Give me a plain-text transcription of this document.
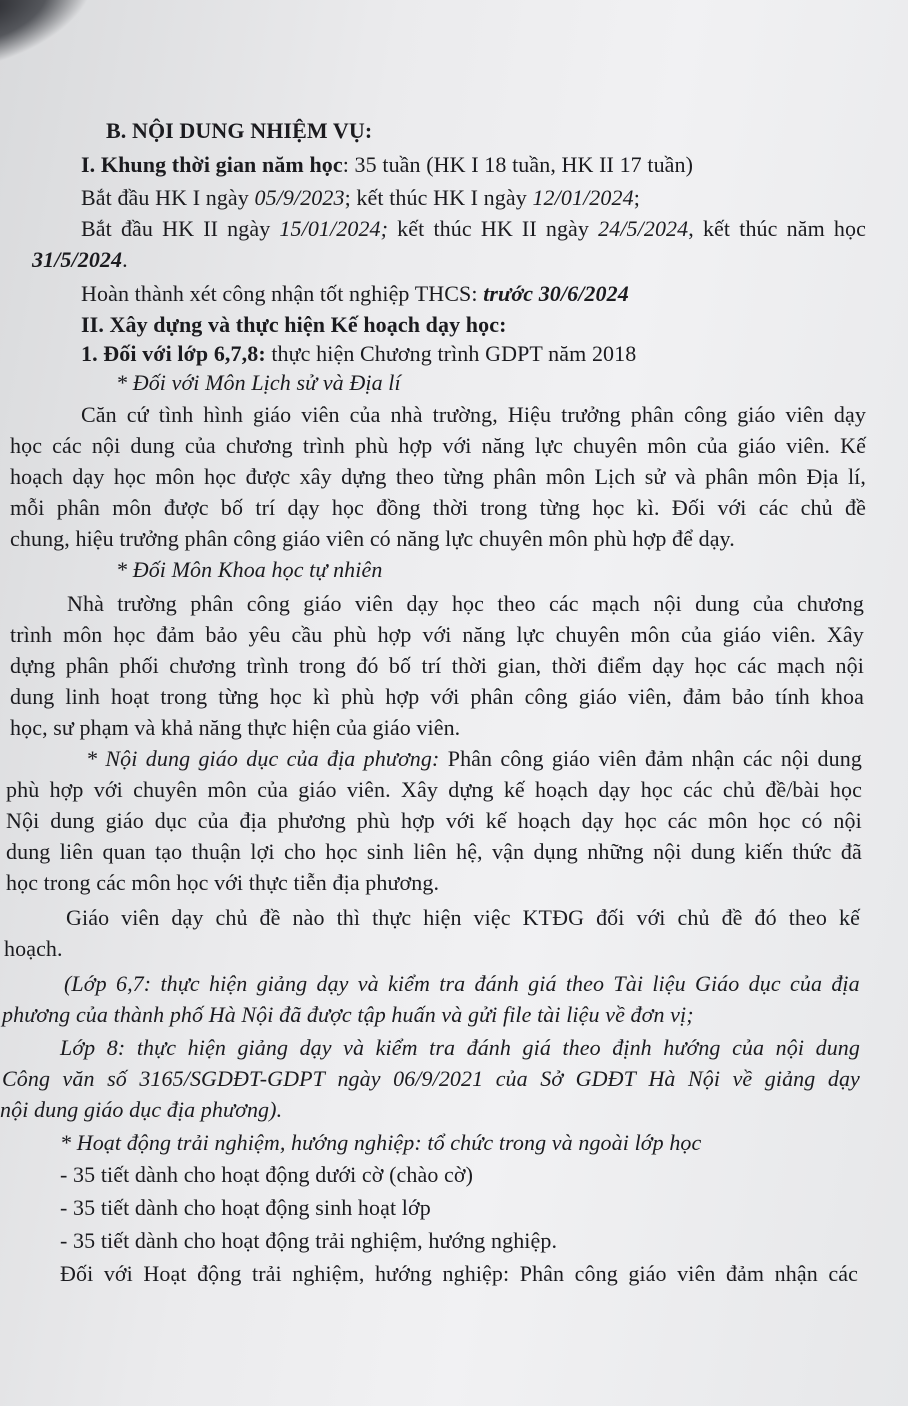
B. NỘI DUNG NHIỆM VỤ:
I. Khung thời gian năm học: 35 tuần (HK I 18 tuần, HK II 17 tuần)
Bắt đầu HK I ngày 05/9/2023; kết thúc HK I ngày 12/01/2024;
Bắt đầu HK II ngày 15/01/2024; kết thúc HK II ngày 24/5/2024, kết thúc năm học
31/5/2024.
Hoàn thành xét công nhận tốt nghiệp THCS: trước 30/6/2024
II. Xây dựng và thực hiện Kế hoạch dạy học:
1. Đối với lớp 6,7,8: thực hiện Chương trình GDPT năm 2018
* Đối với Môn Lịch sử và Địa lí
Căn cứ tình hình giáo viên của nhà trường, Hiệu trưởng phân công giáo viên dạy
học các nội dung của chương trình phù hợp với năng lực chuyên môn của giáo viên. Kế
hoạch dạy học môn học được xây dựng theo từng phân môn Lịch sử và phân môn Địa lí,
mỗi phân môn được bố trí dạy học đồng thời trong từng học kì. Đối với các chủ đề
chung, hiệu trưởng phân công giáo viên có năng lực chuyên môn phù hợp để dạy.
* Đối Môn Khoa học tự nhiên
Nhà trường phân công giáo viên dạy học theo các mạch nội dung của chương
trình môn học đảm bảo yêu cầu phù hợp với năng lực chuyên môn của giáo viên. Xây
dựng phân phối chương trình trong đó bố trí thời gian, thời điểm dạy học các mạch nội
dung linh hoạt trong từng học kì phù hợp với phân công giáo viên, đảm bảo tính khoa
học, sư phạm và khả năng thực hiện của giáo viên.
* Nội dung giáo dục của địa phương: Phân công giáo viên đảm nhận các nội dung
phù hợp với chuyên môn của giáo viên. Xây dựng kế hoạch dạy học các chủ đề/bài học
Nội dung giáo dục của địa phương phù hợp với kế hoạch dạy học các môn học có nội
dung liên quan tạo thuận lợi cho học sinh liên hệ, vận dụng những nội dung kiến thức đã
học trong các môn học với thực tiễn địa phương.
Giáo viên dạy chủ đề nào thì thực hiện việc KTĐG đối với chủ đề đó theo kế
hoạch.
(Lớp 6,7: thực hiện giảng dạy và kiểm tra đánh giá theo Tài liệu Giáo dục của địa
phương của thành phố Hà Nội đã được tập huấn và gửi file tài liệu về đơn vị;
Lớp 8: thực hiện giảng dạy và kiểm tra đánh giá theo định hướng của nội dung
Công văn số 3165/SGDĐT-GDPT ngày 06/9/2021 của Sở GDĐT Hà Nội về giảng dạy
nội dung giáo dục địa phương).
* Hoạt động trải nghiệm, hướng nghiệp: tổ chức trong và ngoài lớp học
- 35 tiết dành cho hoạt động dưới cờ (chào cờ)
- 35 tiết dành cho hoạt động sinh hoạt lớp
- 35 tiết dành cho hoạt động trải nghiệm, hướng nghiệp.
Đối với Hoạt động trải nghiệm, hướng nghiệp: Phân công giáo viên đảm nhận các
